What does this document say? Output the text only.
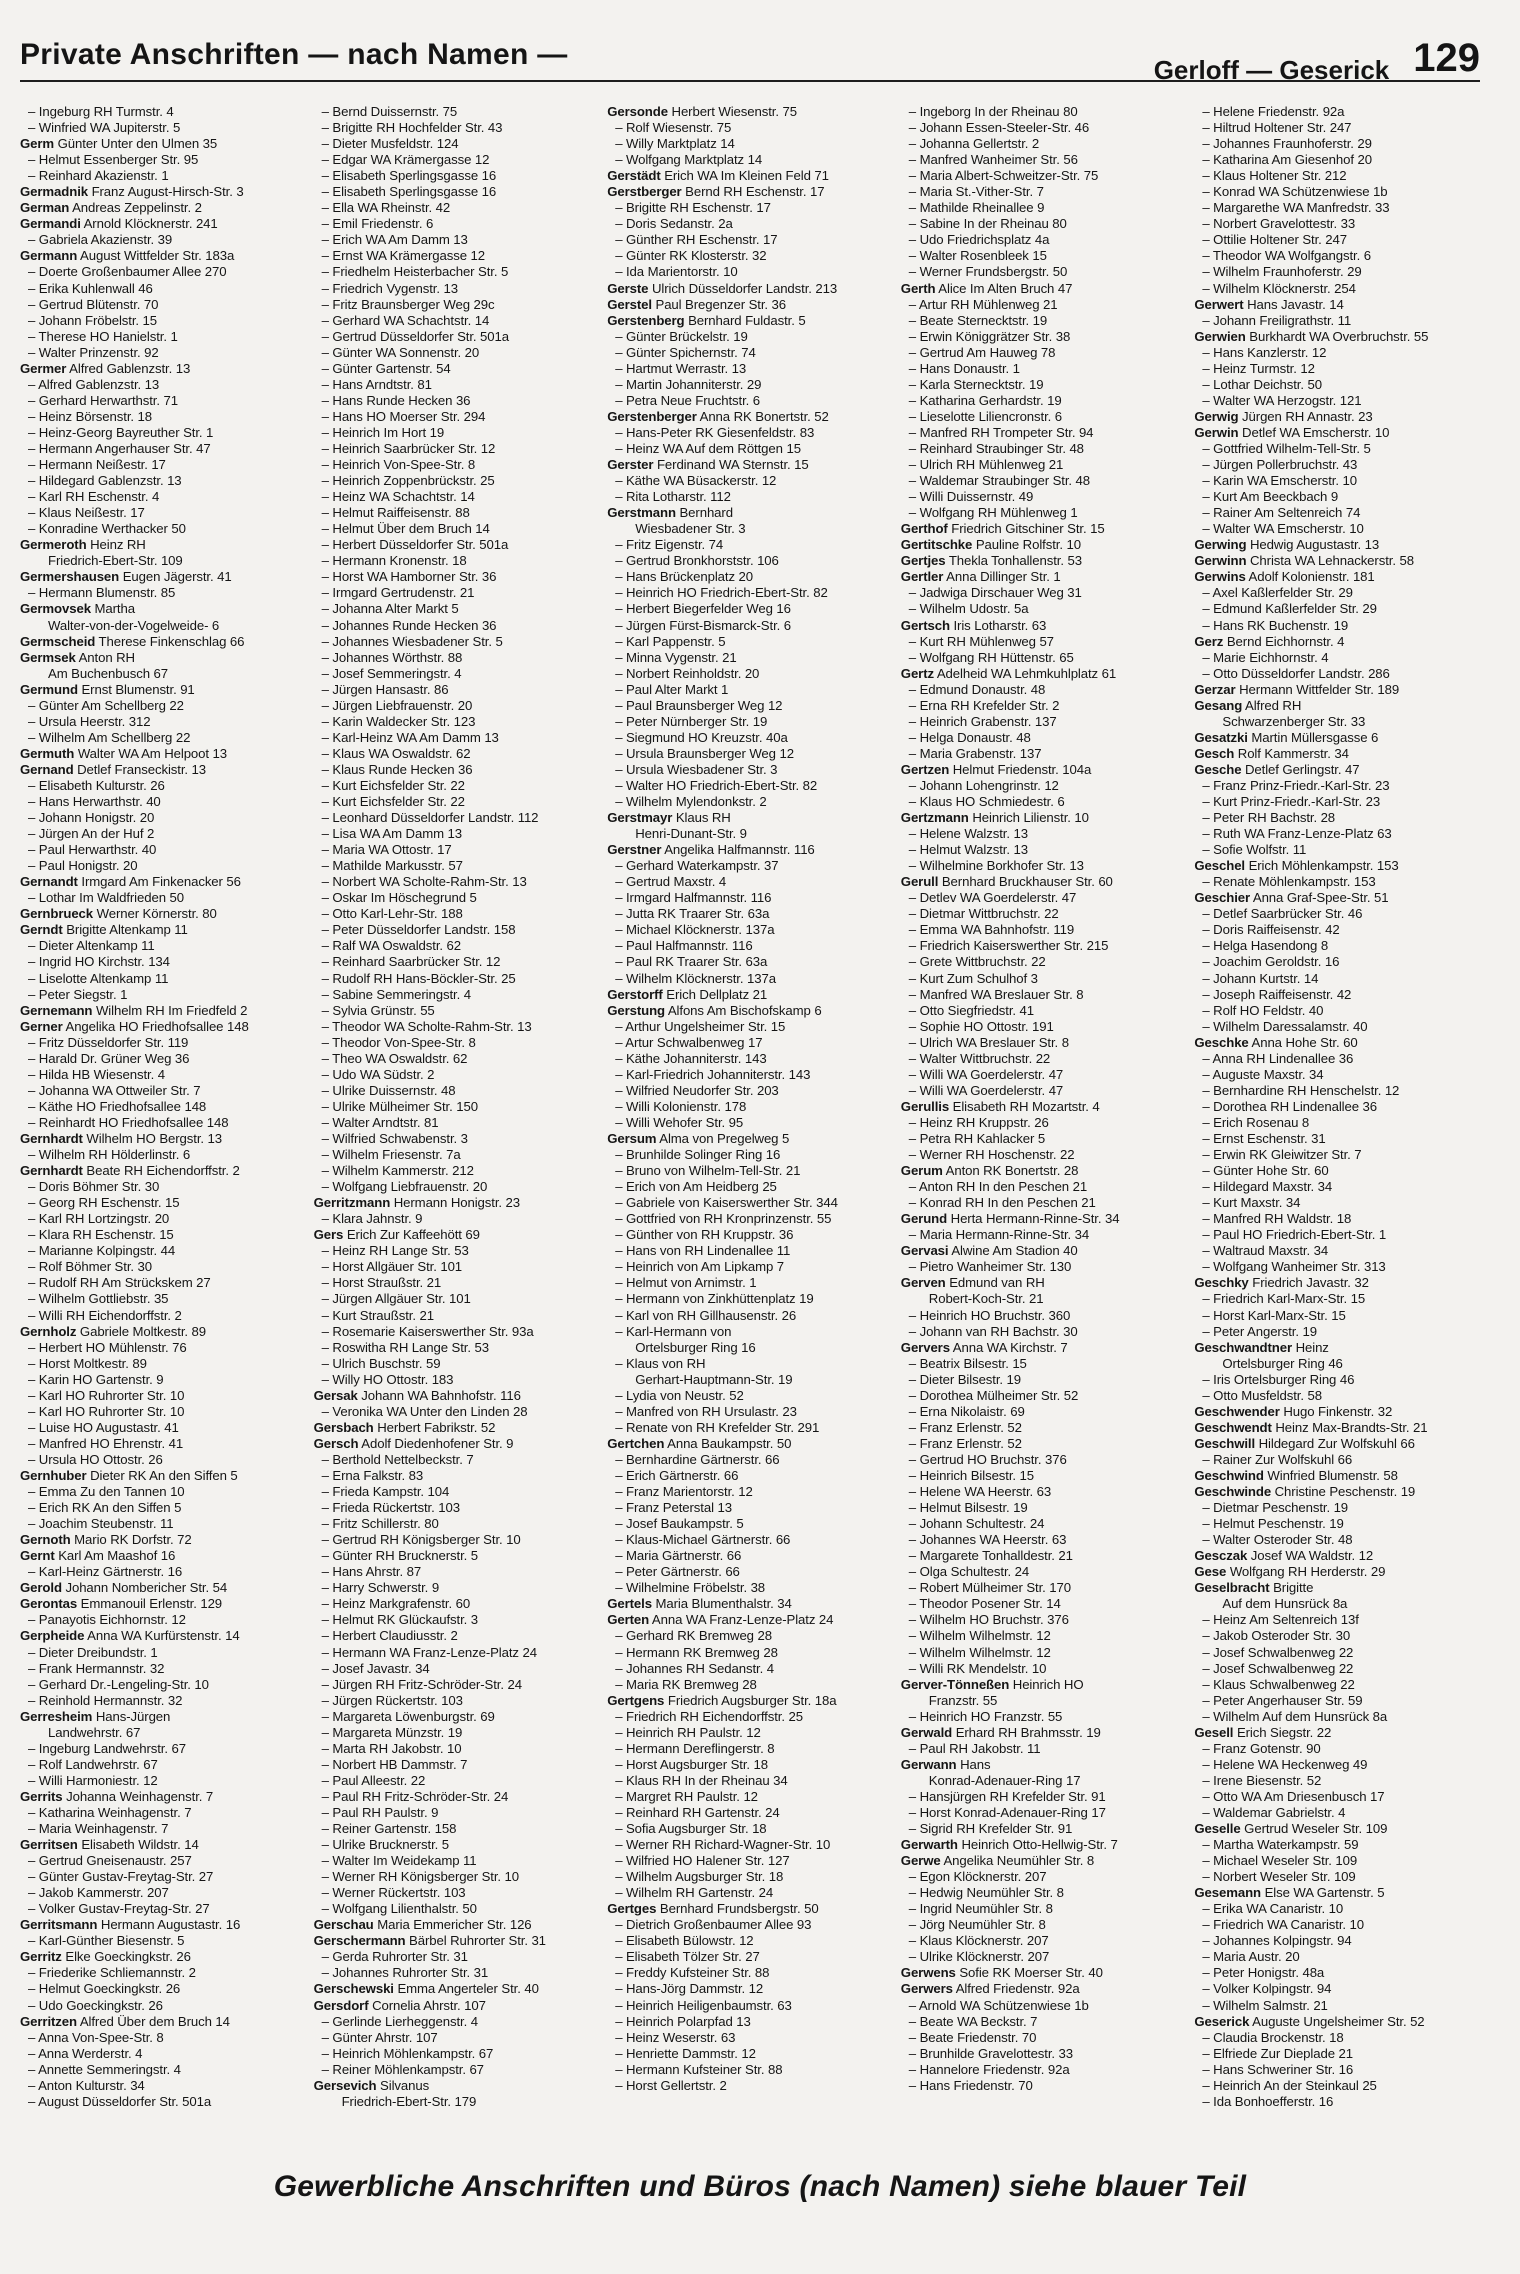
Private Anschriften — nach Namen —	Gerloff — Geserick 129
– Ingeburg RH Turmstr. 4
– Winfried WA Jupiterstr. 5
Germ Günter Unter den Ulmen 35
– Helmut Essenberger Str. 95
– Reinhard Akazienstr. 1
Germadnik Franz August-Hirsch-Str. 3
German Andreas Zeppelinstr. 2
Germandi Arnold Klöcknerstr. 241
– Gabriela Akazienstr. 39
Germann August Wittfelder Str. 183a
– Doerte Großenbaumer Allee 270
– Erika Kuhlenwall 46
– Gertrud Blütenstr. 70
– Johann Fröbelstr. 15
– Therese HO Hanielstr. 1
– Walter Prinzenstr. 92
Germer Alfred Gablenzstr. 13
– Alfred Gablenzstr. 13
– Gerhard Herwarthstr. 71
– Heinz Börsenstr. 18
– Heinz-Georg Bayreuther Str. 1
– Hermann Angerhauser Str. 47
– Hermann Neißestr. 17
– Hildegard Gablenzstr. 13
– Karl RH Eschenstr. 4
– Klaus Neißestr. 17
– Konradine Werthacker 50
Germeroth Heinz RH
Friedrich-Ebert-Str. 109
Germershausen Eugen Jägerstr. 41
– Hermann Blumenstr. 85
Germovsek Martha
Walter-von-der-Vogelweide- 6
Germscheid Therese Finkenschlag 66
Germsek Anton RH
Am Buchenbusch 67
Germund Ernst Blumenstr. 91
– Günter Am Schellberg 22
– Ursula Heerstr. 312
– Wilhelm Am Schellberg 22
Germuth Walter WA Am Helpoot 13
Gernand Detlef Franseckistr. 13
– Elisabeth Kulturstr. 26
– Hans Herwarthstr. 40
– Johann Honigstr. 20
– Jürgen An der Huf 2
– Paul Herwarthstr. 40
– Paul Honigstr. 20
Gernandt Irmgard Am Finkenacker 56
– Lothar Im Waldfrieden 50
Gernbrueck Werner Körnerstr. 80
Gerndt Brigitte Altenkamp 11
– Dieter Altenkamp 11
– Ingrid HO Kirchstr. 134
– Liselotte Altenkamp 11
– Peter Siegstr. 1
Gernemann Wilhelm RH Im Friedfeld 2
Gerner Angelika HO Friedhofsallee 148
– Fritz Düsseldorfer Str. 119
– Harald Dr. Grüner Weg 36
– Hilda HB Wiesenstr. 4
– Johanna WA Ottweiler Str. 7
– Käthe HO Friedhofsallee 148
– Reinhardt HO Friedhofsallee 148
Gernhardt Wilhelm HO Bergstr. 13
– Wilhelm RH Hölderlinstr. 6
Gernhardt Beate RH Eichendorffstr. 2
– Doris Böhmer Str. 30
– Georg RH Eschenstr. 15
– Karl RH Lortzingstr. 20
– Klara RH Eschenstr. 15
– Marianne Kolpingstr. 44
– Rolf Böhmer Str. 30
– Rudolf RH Am Strückskem 27
– Wilhelm Gottliebstr. 35
– Willi RH Eichendorffstr. 2
Gernholz Gabriele Moltkestr. 89
– Herbert HO Mühlenstr. 76
– Horst Moltkestr. 89
– Karin HO Gartenstr. 9
– Karl HO Ruhrorter Str. 10
– Karl HO Ruhrorter Str. 10
– Luise HO Augustastr. 41
– Manfred HO Ehrenstr. 41
– Ursula HO Ottostr. 26
Gernhuber Dieter RK An den Siffen 5
– Emma Zu den Tannen 10
– Erich RK An den Siffen 5
– Joachim Steubenstr. 11
Gernoth Mario RK Dorfstr. 72
Gernt Karl Am Maashof 16
– Karl-Heinz Gärtnerstr. 16
Gerold Johann Nombericher Str. 54
Gerontas Emmanouil Erlenstr. 129
– Panayotis Eichhornstr. 12
Gerpheide Anna WA Kurfürstenstr. 14
– Dieter Dreibundstr. 1
– Frank Hermannstr. 32
– Gerhard Dr.-Lengeling-Str. 10
– Reinhold Hermannstr. 32
Gerresheim Hans-Jürgen
Landwehrstr. 67
– Ingeburg Landwehrstr. 67
– Rolf Landwehrstr. 67
– Willi Harmoniestr. 12
Gerrits Johanna Weinhagenstr. 7
– Katharina Weinhagenstr. 7
– Maria Weinhagenstr. 7
Gerritsen Elisabeth Wildstr. 14
– Gertrud Gneisenaustr. 257
– Günter Gustav-Freytag-Str. 27
– Jakob Kammerstr. 207
– Volker Gustav-Freytag-Str. 27
Gerritsmann Hermann Augustastr. 16
– Karl-Günther Biesenstr. 5
Gerritz Elke Goeckingkstr. 26
– Friederike Schliemannstr. 2
– Helmut Goeckingkstr. 26
– Udo Goeckingkstr. 26
Gerritzen Alfred Über dem Bruch 14
– Anna Von-Spee-Str. 8
– Anna Werderstr. 4
– Annette Semmeringstr. 4
– Anton Kulturstr. 34
– August Düsseldorfer Str. 501a
– Bernd Duissernstr. 75
– Brigitte RH Hochfelder Str. 43
– Dieter Musfeldstr. 124
– Edgar WA Krämergasse 12
– Elisabeth Sperlingsgasse 16
– Elisabeth Sperlingsgasse 16
– Ella WA Rheinstr. 42
– Emil Friedenstr. 6
– Erich WA Am Damm 13
– Ernst WA Krämergasse 12
– Friedhelm Heisterbacher Str. 5
– Friedrich Vygenstr. 13
– Fritz Braunsberger Weg 29c
– Gerhard WA Schachtstr. 14
– Gertrud Düsseldorfer Str. 501a
– Günter WA Sonnenstr. 20
– Günter Gartenstr. 54
– Hans Arndtstr. 81
– Hans Runde Hecken 36
– Hans HO Moerser Str. 294
– Heinrich Im Hort 19
– Heinrich Saarbrücker Str. 12
– Heinrich Von-Spee-Str. 8
– Heinrich Zoppenbrückstr. 25
– Heinz WA Schachtstr. 14
– Helmut Raiffeisenstr. 88
– Helmut Über dem Bruch 14
– Herbert Düsseldorfer Str. 501a
– Hermann Kronenstr. 18
– Horst WA Hamborner Str. 36
– Irmgard Gertrudenstr. 21
– Johanna Alter Markt 5
– Johannes Runde Hecken 36
– Johannes Wiesbadener Str. 5
– Johannes Wörthstr. 88
– Josef Semmeringstr. 4
– Jürgen Hansastr. 86
– Jürgen Liebfrauenstr. 20
– Karin Waldecker Str. 123
– Karl-Heinz WA Am Damm 13
– Klaus WA Oswaldstr. 62
– Klaus Runde Hecken 36
– Kurt Eichsfelder Str. 22
– Kurt Eichsfelder Str. 22
– Leonhard Düsseldorfer Landstr. 112
– Lisa WA Am Damm 13
– Maria WA Ottostr. 17
– Mathilde Markusstr. 57
– Norbert WA Scholte-Rahm-Str. 13
– Oskar Im Höschegrund 5
– Otto Karl-Lehr-Str. 188
– Peter Düsseldorfer Landstr. 158
– Ralf WA Oswaldstr. 62
– Reinhard Saarbrücker Str. 12
– Rudolf RH Hans-Böckler-Str. 25
– Sabine Semmeringstr. 4
– Sylvia Grünstr. 55
– Theodor WA Scholte-Rahm-Str. 13
– Theodor Von-Spee-Str. 8
– Theo WA Oswaldstr. 62
– Udo WA Südstr. 2
– Ulrike Duissernstr. 48
– Ulrike Mülheimer Str. 150
– Walter Arndtstr. 81
– Wilfried Schwabenstr. 3
– Wilhelm Friesenstr. 7a
– Wilhelm Kammerstr. 212
– Wolfgang Liebfrauenstr. 20
Gerritzmann Hermann Honigstr. 23
– Klara Jahnstr. 9
Gers Erich Zur Kaffeehött 69
– Heinz RH Lange Str. 53
– Horst Allgäuer Str. 101
– Horst Straußstr. 21
– Jürgen Allgäuer Str. 101
– Kurt Straußstr. 21
– Rosemarie Kaiserswerther Str. 93a
– Roswitha RH Lange Str. 53
– Ulrich Buschstr. 59
– Willy HO Ottostr. 183
Gersak Johann WA Bahnhofstr. 116
– Veronika WA Unter den Linden 28
Gersbach Herbert Fabrikstr. 52
Gersch Adolf Diedenhofener Str. 9
– Berthold Nettelbeckstr. 7
– Erna Falkstr. 83
– Frieda Kampstr. 104
– Frieda Rückertstr. 103
– Fritz Schillerstr. 80
– Gertrud RH Königsberger Str. 10
– Günter RH Brucknerstr. 5
– Hans Ahrstr. 87
– Harry Schwerstr. 9
– Heinz Markgrafenstr. 60
– Helmut RK Glückaufstr. 3
– Herbert Claudiusstr. 2
– Hermann WA Franz-Lenze-Platz 24
– Josef Javastr. 34
– Jürgen RH Fritz-Schröder-Str. 24
– Jürgen Rückertstr. 103
– Margareta Löwenburgstr. 69
– Margareta Münzstr. 19
– Marta RH Jakobstr. 10
– Norbert HB Dammstr. 7
– Paul Alleestr. 22
– Paul RH Fritz-Schröder-Str. 24
– Paul RH Paulstr. 9
– Reiner Gartenstr. 158
– Ulrike Brucknerstr. 5
– Walter Im Weidekamp 11
– Werner RH Königsberger Str. 10
– Werner Rückertstr. 103
– Wolfgang Lilienthalstr. 50
Gerschau Maria Emmericher Str. 126
Gerschermann Bärbel Ruhrorter Str. 31
– Gerda Ruhrorter Str. 31
– Johannes Ruhrorter Str. 31
Gerschewski Emma Angerteler Str. 40
Gersdorf Cornelia Ahrstr. 107
– Gerlinde Lierheggenstr. 4
– Günter Ahrstr. 107
– Heinrich Möhlenkampstr. 67
– Reiner Möhlenkampstr. 67
Gersevich Silvanus
Friedrich-Ebert-Str. 179
Gersonde Herbert Wiesenstr. 75
– Rolf Wiesenstr. 75
– Willy Marktplatz 14
– Wolfgang Marktplatz 14
Gerstädt Erich WA Im Kleinen Feld 71
Gerstberger Bernd RH Eschenstr. 17
– Brigitte RH Eschenstr. 17
– Doris Sedanstr. 2a
– Günther RH Eschenstr. 17
– Günter RK Klosterstr. 32
– Ida Marientorstr. 10
Gerste Ulrich Düsseldorfer Landstr. 213
Gerstel Paul Bregenzer Str. 36
Gerstenberg Bernhard Fuldastr. 5
– Günter Brückelstr. 19
– Günter Spichernstr. 74
– Hartmut Werrastr. 13
– Martin Johanniterstr. 29
– Petra Neue Fruchtstr. 6
Gerstenberger Anna RK Bonertstr. 52
– Hans-Peter RK Giesenfeldstr. 83
– Heinz WA Auf dem Röttgen 15
Gerster Ferdinand WA Sternstr. 15
– Käthe WA Büsackerstr. 12
– Rita Lotharstr. 112
Gerstmann Bernhard
Wiesbadener Str. 3
– Fritz Eigenstr. 74
– Gertrud Bronkhorststr. 106
– Hans Brückenplatz 20
– Heinrich HO Friedrich-Ebert-Str. 82
– Herbert Biegerfelder Weg 16
– Jürgen Fürst-Bismarck-Str. 6
– Karl Pappenstr. 5
– Minna Vygenstr. 21
– Norbert Reinholdstr. 20
– Paul Alter Markt 1
– Paul Braunsberger Weg 12
– Peter Nürnberger Str. 19
– Siegmund HO Kreuzstr. 40a
– Ursula Braunsberger Weg 12
– Ursula Wiesbadener Str. 3
– Walter HO Friedrich-Ebert-Str. 82
– Wilhelm Mylendonkstr. 2
Gerstmayr Klaus RH
Henri-Dunant-Str. 9
Gerstner Angelika Halfmannstr. 116
– Gerhard Waterkampstr. 37
– Gertrud Maxstr. 4
– Irmgard Halfmannstr. 116
– Jutta RK Traarer Str. 63a
– Michael Klöcknerstr. 137a
– Paul Halfmannstr. 116
– Paul RK Traarer Str. 63a
– Wilhelm Klöcknerstr. 137a
Gerstorff Erich Dellplatz 21
Gerstung Alfons Am Bischofskamp 6
– Arthur Ungelsheimer Str. 15
– Artur Schwalbenweg 17
– Käthe Johanniterstr. 143
– Karl-Friedrich Johanniterstr. 143
– Wilfried Neudorfer Str. 203
– Willi Kolonienstr. 178
– Willi Wehofer Str. 95
Gersum Alma von Pregelweg 5
– Brunhilde Solinger Ring 16
– Bruno von Wilhelm-Tell-Str. 21
– Erich von Am Heidberg 25
– Gabriele von Kaiserswerther Str. 344
– Gottfried von RH Kronprinzenstr. 55
– Günther von RH Kruppstr. 36
– Hans von RH Lindenallee 11
– Heinrich von Am Lipkamp 7
– Helmut von Arnimstr. 1
– Hermann von Zinkhüttenplatz 19
– Karl von RH Gillhausenstr. 26
– Karl-Hermann von
Ortelsburger Ring 16
– Klaus von RH
Gerhart-Hauptmann-Str. 19
– Lydia von Neustr. 52
– Manfred von RH Ursulastr. 23
– Renate von RH Krefelder Str. 291
Gertchen Anna Baukampstr. 50
– Bernhardine Gärtnerstr. 66
– Erich Gärtnerstr. 66
– Franz Marientorstr. 12
– Franz Peterstal 13
– Josef Baukampstr. 5
– Klaus-Michael Gärtnerstr. 66
– Maria Gärtnerstr. 66
– Peter Gärtnerstr. 66
– Wilhelmine Fröbelstr. 38
Gertels Maria Blumenthalstr. 34
Gerten Anna WA Franz-Lenze-Platz 24
– Gerhard RK Bremweg 28
– Hermann RK Bremweg 28
– Johannes RH Sedanstr. 4
– Maria RK Bremweg 28
Gertgens Friedrich Augsburger Str. 18a
– Friedrich RH Eichendorffstr. 25
– Heinrich RH Paulstr. 12
– Hermann Dereflingerstr. 8
– Horst Augsburger Str. 18
– Klaus RH In der Rheinau 34
– Margret RH Paulstr. 12
– Reinhard RH Gartenstr. 24
– Sofia Augsburger Str. 18
– Werner RH Richard-Wagner-Str. 10
– Wilfried HO Halener Str. 127
– Wilhelm Augsburger Str. 18
– Wilhelm RH Gartenstr. 24
Gertges Bernhard Frundsbergstr. 50
– Dietrich Großenbaumer Allee 93
– Elisabeth Bülowstr. 12
– Elisabeth Tölzer Str. 27
– Freddy Kufsteiner Str. 88
– Hans-Jörg Dammstr. 12
– Heinrich Heiligenbaumstr. 63
– Heinrich Polarpfad 13
– Heinz Weserstr. 63
– Henriette Dammstr. 12
– Hermann Kufsteiner Str. 88
– Horst Gellertstr. 2
– Ingeborg In der Rheinau 80
– Johann Essen-Steeler-Str. 46
– Johanna Gellertstr. 2
– Manfred Wanheimer Str. 56
– Maria Albert-Schweitzer-Str. 75
– Maria St.-Vither-Str. 7
– Mathilde Rheinallee 9
– Sabine In der Rheinau 80
– Udo Friedrichsplatz 4a
– Walter Rosenbleek 15
– Werner Frundsbergstr. 50
Gerth Alice Im Alten Bruch 47
– Artur RH Mühlenweg 21
– Beate Sternecktstr. 19
– Erwin Königgrätzer Str. 38
– Gertrud Am Hauweg 78
– Hans Donaustr. 1
– Karla Sternecktstr. 19
– Katharina Gerhardstr. 19
– Lieselotte Liliencronstr. 6
– Manfred RH Trompeter Str. 94
– Reinhard Straubinger Str. 48
– Ulrich RH Mühlenweg 21
– Waldemar Straubinger Str. 48
– Willi Duissernstr. 49
– Wolfgang RH Mühlenweg 1
Gerthof Friedrich Gitschiner Str. 15
Gertitschke Pauline Rolfstr. 10
Gertjes Thekla Tonhallenstr. 53
Gertler Anna Dillinger Str. 1
– Jadwiga Dirschauer Weg 31
– Wilhelm Udostr. 5a
Gertsch Iris Lotharstr. 63
– Kurt RH Mühlenweg 57
– Wolfgang RH Hüttenstr. 65
Gertz Adelheid WA Lehmkuhlplatz 61
– Edmund Donaustr. 48
– Erna RH Krefelder Str. 2
– Heinrich Grabenstr. 137
– Helga Donaustr. 48
– Maria Grabenstr. 137
Gertzen Helmut Friedenstr. 104a
– Johann Lohengrinstr. 12
– Klaus HO Schmiedestr. 6
Gertzmann Heinrich Lilienstr. 10
– Helene Walzstr. 13
– Helmut Walzstr. 13
– Wilhelmine Borkhofer Str. 13
Gerull Bernhard Bruckhauser Str. 60
– Detlev WA Goerdelerstr. 47
– Dietmar Wittbruchstr. 22
– Emma WA Bahnhofstr. 119
– Friedrich Kaiserswerther Str. 215
– Grete Wittbruchstr. 22
– Kurt Zum Schulhof 3
– Manfred WA Breslauer Str. 8
– Otto Siegfriedstr. 41
– Sophie HO Ottostr. 191
– Ulrich WA Breslauer Str. 8
– Walter Wittbruchstr. 22
– Willi WA Goerdelerstr. 47
– Willi WA Goerdelerstr. 47
Gerullis Elisabeth RH Mozartstr. 4
– Heinz RH Kruppstr. 26
– Petra RH Kahlacker 5
– Werner RH Hoschenstr. 22
Gerum Anton RK Bonertstr. 28
– Anton RH In den Peschen 21
– Konrad RH In den Peschen 21
Gerund Herta Hermann-Rinne-Str. 34
– Maria Hermann-Rinne-Str. 34
Gervasi Alwine Am Stadion 40
– Pietro Wanheimer Str. 130
Gerven Edmund van RH
Robert-Koch-Str. 21
– Heinrich HO Bruchstr. 360
– Johann van RH Bachstr. 30
Gervers Anna WA Kirchstr. 7
– Beatrix Bilsestr. 15
– Dieter Bilsestr. 19
– Dorothea Mülheimer Str. 52
– Erna Nikolaistr. 69
– Franz Erlenstr. 52
– Franz Erlenstr. 52
– Gertrud HO Bruchstr. 376
– Heinrich Bilsestr. 15
– Helene WA Heerstr. 63
– Helmut Bilsestr. 19
– Johann Schultestr. 24
– Johannes WA Heerstr. 63
– Margarete Tonhalldestr. 21
– Olga Schultestr. 24
– Robert Mülheimer Str. 170
– Theodor Posener Str. 14
– Wilhelm HO Bruchstr. 376
– Wilhelm Wilhelmstr. 12
– Wilhelm Wilhelmstr. 12
– Willi RK Mendelstr. 10
Gerver-Tönneßen Heinrich HO
Franzstr. 55
– Heinrich HO Franzstr. 55
Gerwald Erhard RH Brahmsstr. 19
– Paul RH Jakobstr. 11
Gerwann Hans
Konrad-Adenauer-Ring 17
– Hansjürgen RH Krefelder Str. 91
– Horst Konrad-Adenauer-Ring 17
– Sigrid RH Krefelder Str. 91
Gerwarth Heinrich Otto-Hellwig-Str. 7
Gerwe Angelika Neumühler Str. 8
– Egon Klöcknerstr. 207
– Hedwig Neumühler Str. 8
– Ingrid Neumühler Str. 8
– Jörg Neumühler Str. 8
– Klaus Klöcknerstr. 207
– Ulrike Klöcknerstr. 207
Gerwens Sofie RK Moerser Str. 40
Gerwers Alfred Friedenstr. 92a
– Arnold WA Schützenwiese 1b
– Beate WA Beckstr. 7
– Beate Friedenstr. 70
– Brunhilde Gravelottestr. 33
– Hannelore Friedenstr. 92a
– Hans Friedenstr. 70
– Helene Friedenstr. 92a
– Hiltrud Holtener Str. 247
– Johannes Fraunhoferstr. 29
– Katharina Am Giesenhof 20
– Klaus Holtener Str. 212
– Konrad WA Schützenwiese 1b
– Margarethe WA Manfredstr. 33
– Norbert Gravelottestr. 33
– Ottilie Holtener Str. 247
– Theodor WA Wolfgangstr. 6
– Wilhelm Fraunhoferstr. 29
– Wilhelm Klöcknerstr. 254
Gerwert Hans Javastr. 14
– Johann Freiligrathstr. 11
Gerwien Burkhardt WA Overbruchstr. 55
– Hans Kanzlerstr. 12
– Heinz Turmstr. 12
– Lothar Deichstr. 50
– Walter WA Herzogstr. 121
Gerwig Jürgen RH Annastr. 23
Gerwin Detlef WA Emscherstr. 10
– Gottfried Wilhelm-Tell-Str. 5
– Jürgen Pollerbruchstr. 43
– Karin WA Emscherstr. 10
– Kurt Am Beeckbach 9
– Rainer Am Seltenreich 74
– Walter WA Emscherstr. 10
Gerwing Hedwig Augustastr. 13
Gerwinn Christa WA Lehnackerstr. 58
Gerwins Adolf Kolonienstr. 181
– Axel Kaßlerfelder Str. 29
– Edmund Kaßlerfelder Str. 29
– Hans RK Buchenstr. 19
Gerz Bernd Eichhornstr. 4
– Marie Eichhornstr. 4
– Otto Düsseldorfer Landstr. 286
Gerzar Hermann Wittfelder Str. 189
Gesang Alfred RH
Schwarzenberger Str. 33
Gesatzki Martin Müllersgasse 6
Gesch Rolf Kammerstr. 34
Gesche Detlef Gerlingstr. 47
– Franz Prinz-Friedr.-Karl-Str. 23
– Kurt Prinz-Friedr.-Karl-Str. 23
– Peter RH Bachstr. 28
– Ruth WA Franz-Lenze-Platz 63
– Sofie Wolfstr. 11
Geschel Erich Möhlenkampstr. 153
– Renate Möhlenkampstr. 153
Geschier Anna Graf-Spee-Str. 51
– Detlef Saarbrücker Str. 46
– Doris Raiffeisenstr. 42
– Helga Hasendong 8
– Joachim Geroldstr. 16
– Johann Kurtstr. 14
– Joseph Raiffeisenstr. 42
– Rolf HO Feldstr. 40
– Wilhelm Daressalamstr. 40
Geschke Anna Hohe Str. 60
– Anna RH Lindenallee 36
– Auguste Maxstr. 34
– Bernhardine RH Henschelstr. 12
– Dorothea RH Lindenallee 36
– Erich Rosenau 8
– Ernst Eschenstr. 31
– Erwin RK Gleiwitzer Str. 7
– Günter Hohe Str. 60
– Hildegard Maxstr. 34
– Kurt Maxstr. 34
– Manfred RH Waldstr. 18
– Paul HO Friedrich-Ebert-Str. 1
– Waltraud Maxstr. 34
– Wolfgang Wanheimer Str. 313
Geschky Friedrich Javastr. 32
– Friedrich Karl-Marx-Str. 15
– Horst Karl-Marx-Str. 15
– Peter Angerstr. 19
Geschwandtner Heinz
Ortelsburger Ring 46
– Iris Ortelsburger Ring 46
– Otto Musfeldstr. 58
Geschwender Hugo Finkenstr. 32
Geschwendt Heinz Max-Brandts-Str. 21
Geschwill Hildegard Zur Wolfskuhl 66
– Rainer Zur Wolfskuhl 66
Geschwind Winfried Blumenstr. 58
Geschwinde Christine Peschenstr. 19
– Dietmar Peschenstr. 19
– Helmut Peschenstr. 19
– Walter Osteroder Str. 48
Gesczak Josef WA Waldstr. 12
Gese Wolfgang RH Herderstr. 29
Geselbracht Brigitte
Auf dem Hunsrück 8a
– Heinz Am Seltenreich 13f
– Jakob Osteroder Str. 30
– Josef Schwalbenweg 22
– Josef Schwalbenweg 22
– Klaus Schwalbenweg 22
– Peter Angerhauser Str. 59
– Wilhelm Auf dem Hunsrück 8a
Gesell Erich Siegstr. 22
– Franz Gotenstr. 90
– Helene WA Heckenweg 49
– Irene Biesenstr. 52
– Otto WA Am Driesenbusch 17
– Waldemar Gabrielstr. 4
Geselle Gertrud Weseler Str. 109
– Martha Waterkampstr. 59
– Michael Weseler Str. 109
– Norbert Weseler Str. 109
Gesemann Else WA Gartenstr. 5
– Erika WA Canaristr. 10
– Friedrich WA Canaristr. 10
– Johannes Kolpingstr. 94
– Maria Austr. 20
– Peter Honigstr. 48a
– Volker Kolpingstr. 94
– Wilhelm Salmstr. 21
Geserick Auguste Ungelsheimer Str. 52
– Claudia Brockenstr. 18
– Elfriede Zur Dieplade 21
– Hans Schweriner Str. 16
– Heinrich An der Steinkaul 25
– Ida Bonhoefferstr. 16
Gewerbliche Anschriften und Büros (nach Namen) siehe blauer Teil
